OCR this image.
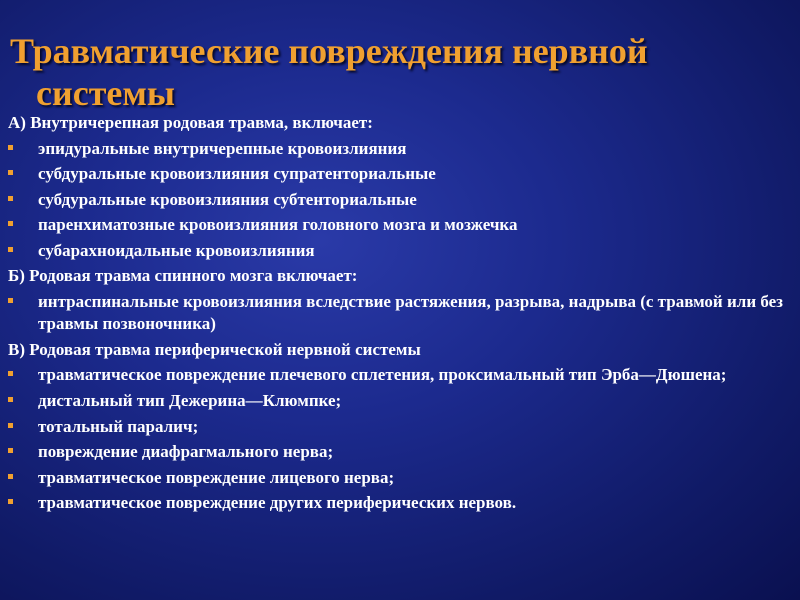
Травматические повреждения нервной
системы

А) Внутричерепная родовая травма, включает:

эпидуральные внутричерепные кровоизлияния

субдуральные кровоизлияния супратенториальные

субдуральные кровоизлияния субтенториальные

паренхиматозные кровоизлияния головного мозга и мозжечка

субарахноидальные кровоизлияния

Б) Родовая травма спинного мозга включает:

интраспинальные кровоизлияния вследствие растяжения, разрыва, надрыва (с травмой или без травмы позвоночника)

В) Родовая травма периферической нервной системы

травматическое повреждение плечевого сплетения, проксимальный тип Эрба—Дюшена;

дистальный тип Дежерина—Клюмпке;

тотальный паралич;

повреждение диафрагмального нерва;

травматическое повреждение лицевого нерва;

травматическое повреждение других периферических нервов.
